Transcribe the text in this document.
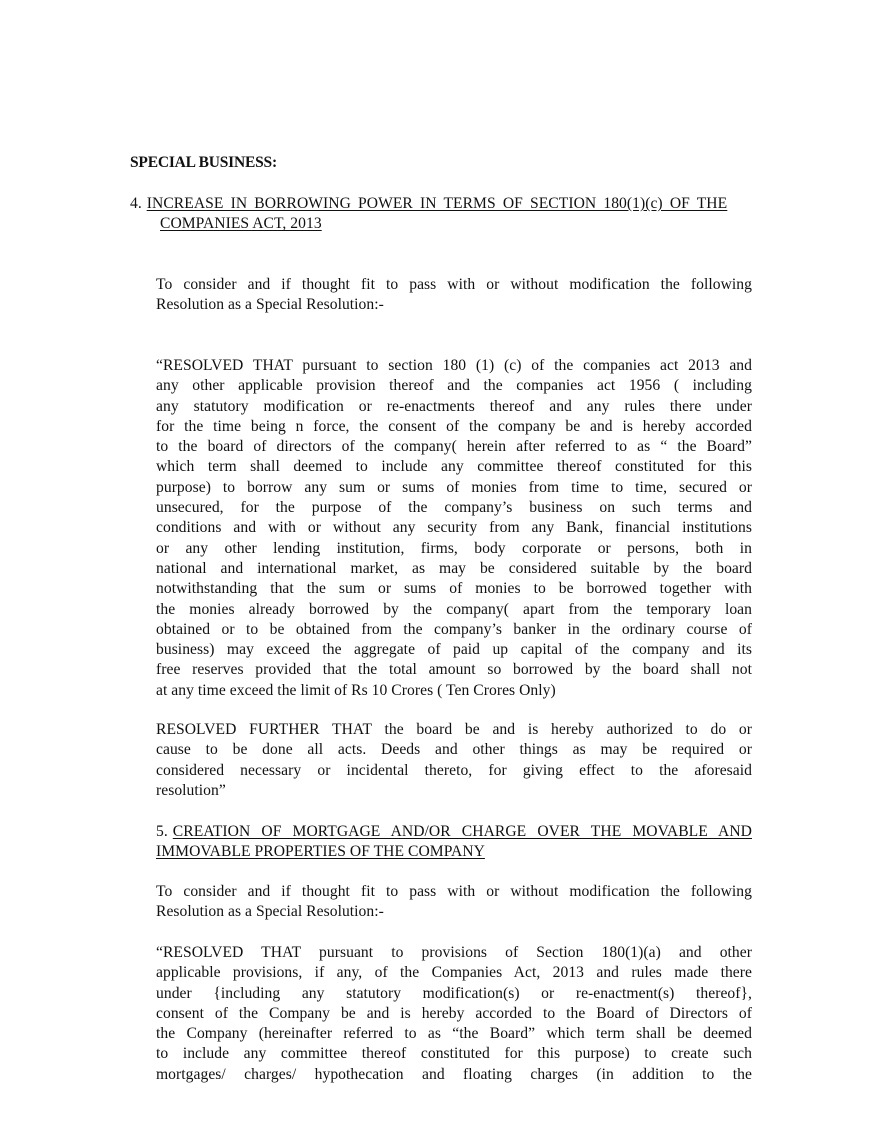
SPECIAL BUSINESS:
4. INCREASE IN BORROWING POWER IN TERMS OF SECTION 180(1)(c) OF THE
COMPANIES ACT, 2013
To consider and if thought fit to pass with or without modification the following
Resolution as a Special Resolution:-
“RESOLVED THAT pursuant to section 180 (1) (c) of the companies act 2013 and
any other applicable provision thereof and the companies act 1956 ( including
any statutory modification or re-enactments thereof and any rules there under
for the time being n force, the consent of the company be and is hereby accorded
to the board of directors of the company( herein after referred to as “ the Board”
which term shall deemed to include any committee thereof constituted for this
purpose) to borrow any sum or sums of monies from time to time, secured or
unsecured, for the purpose of the company’s business on such terms and
conditions and with or without any security from any Bank, financial institutions
or any other lending institution, firms, body corporate or persons, both in
national and international market, as may be considered suitable by the board
notwithstanding that the sum or sums of monies to be borrowed together with
the monies already borrowed by the company( apart from the temporary loan
obtained or to be obtained from the company’s banker in the ordinary course of
business) may exceed the aggregate of paid up capital of the company and its
free reserves provided that the total amount so borrowed by the board shall not
at any time exceed the limit of Rs 10 Crores ( Ten Crores Only)
RESOLVED FURTHER THAT the board be and is hereby authorized to do or
cause to be done all acts. Deeds and other things as may be required or
considered necessary or incidental thereto, for giving effect to the aforesaid
resolution”
5. CREATION OF MORTGAGE AND/OR CHARGE OVER THE MOVABLE AND
IMMOVABLE PROPERTIES OF THE COMPANY
To consider and if thought fit to pass with or without modification the following
Resolution as a Special Resolution:-
“RESOLVED THAT pursuant to provisions of Section 180(1)(a) and other
applicable provisions, if any, of the Companies Act, 2013 and rules made there
under {including any statutory modification(s) or re-enactment(s) thereof},
consent of the Company be and is hereby accorded to the Board of Directors of
the Company (hereinafter referred to as “the Board” which term shall be deemed
to include any committee thereof constituted for this purpose) to create such
mortgages/ charges/ hypothecation and floating charges (in addition to the
